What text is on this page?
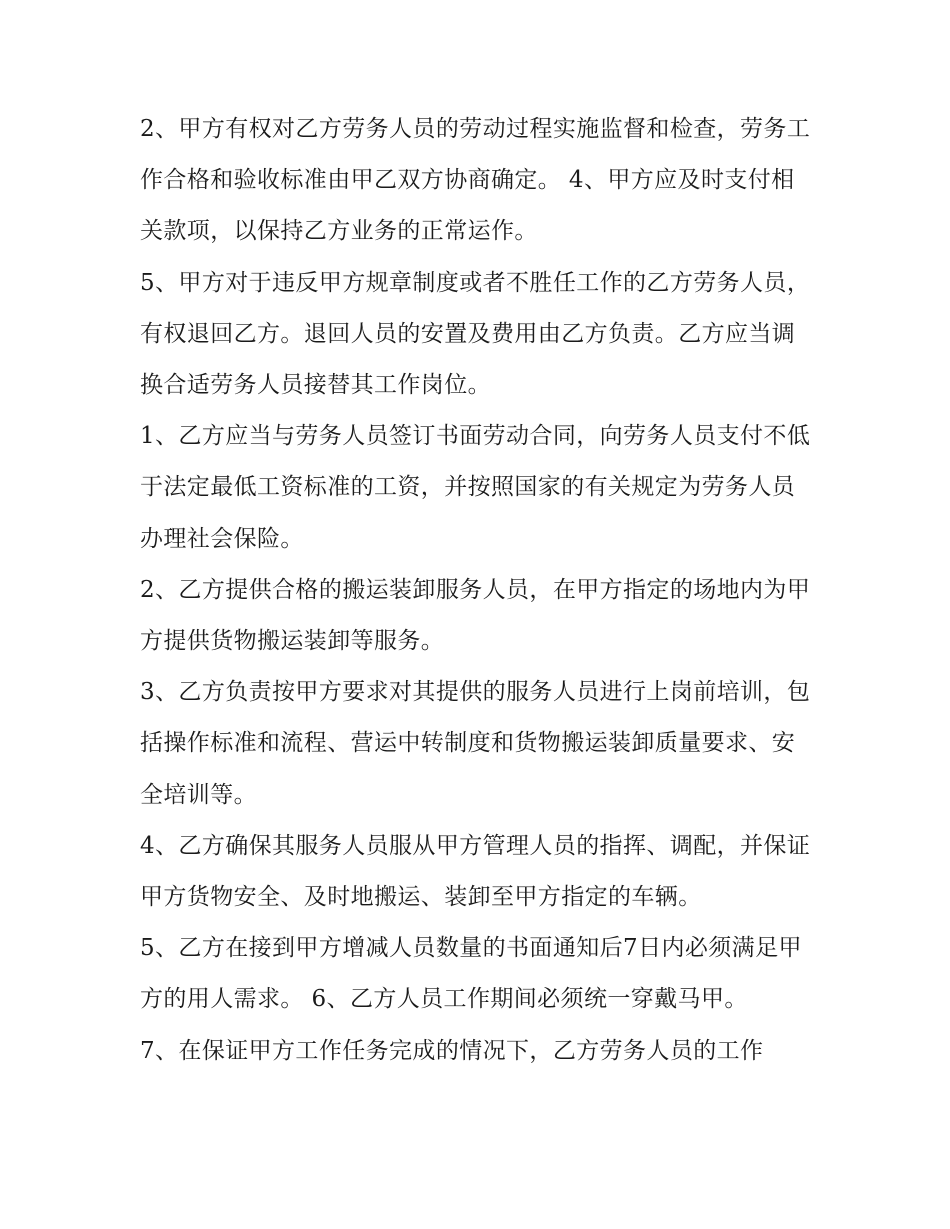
2、甲方有权对乙方劳务人员的劳动过程实施监督和检查，劳务工作合格和验收标准由甲乙双方协商确定。 4、甲方应及时支付相关款项，以保持乙方业务的正常运作。

5、甲方对于违反甲方规章制度或者不胜任工作的乙方劳务人员，有权退回乙方。退回人员的安置及费用由乙方负责。乙方应当调换合适劳务人员接替其工作岗位。

1、乙方应当与劳务人员签订书面劳动合同，向劳务人员支付不低于法定最低工资标准的工资，并按照国家的有关规定为劳务人员办理社会保险。

2、乙方提供合格的搬运装卸服务人员，在甲方指定的场地内为甲方提供货物搬运装卸等服务。

3、乙方负责按甲方要求对其提供的服务人员进行上岗前培训，包括操作标准和流程、营运中转制度和货物搬运装卸质量要求、安全培训等。

4、乙方确保其服务人员服从甲方管理人员的指挥、调配，并保证甲方货物安全、及时地搬运、装卸至甲方指定的车辆。

5、乙方在接到甲方增减人员数量的书面通知后7日内必须满足甲方的用人需求。 6、乙方人员工作期间必须统一穿戴马甲。

7、在保证甲方工作任务完成的情况下，乙方劳务人员的工作
